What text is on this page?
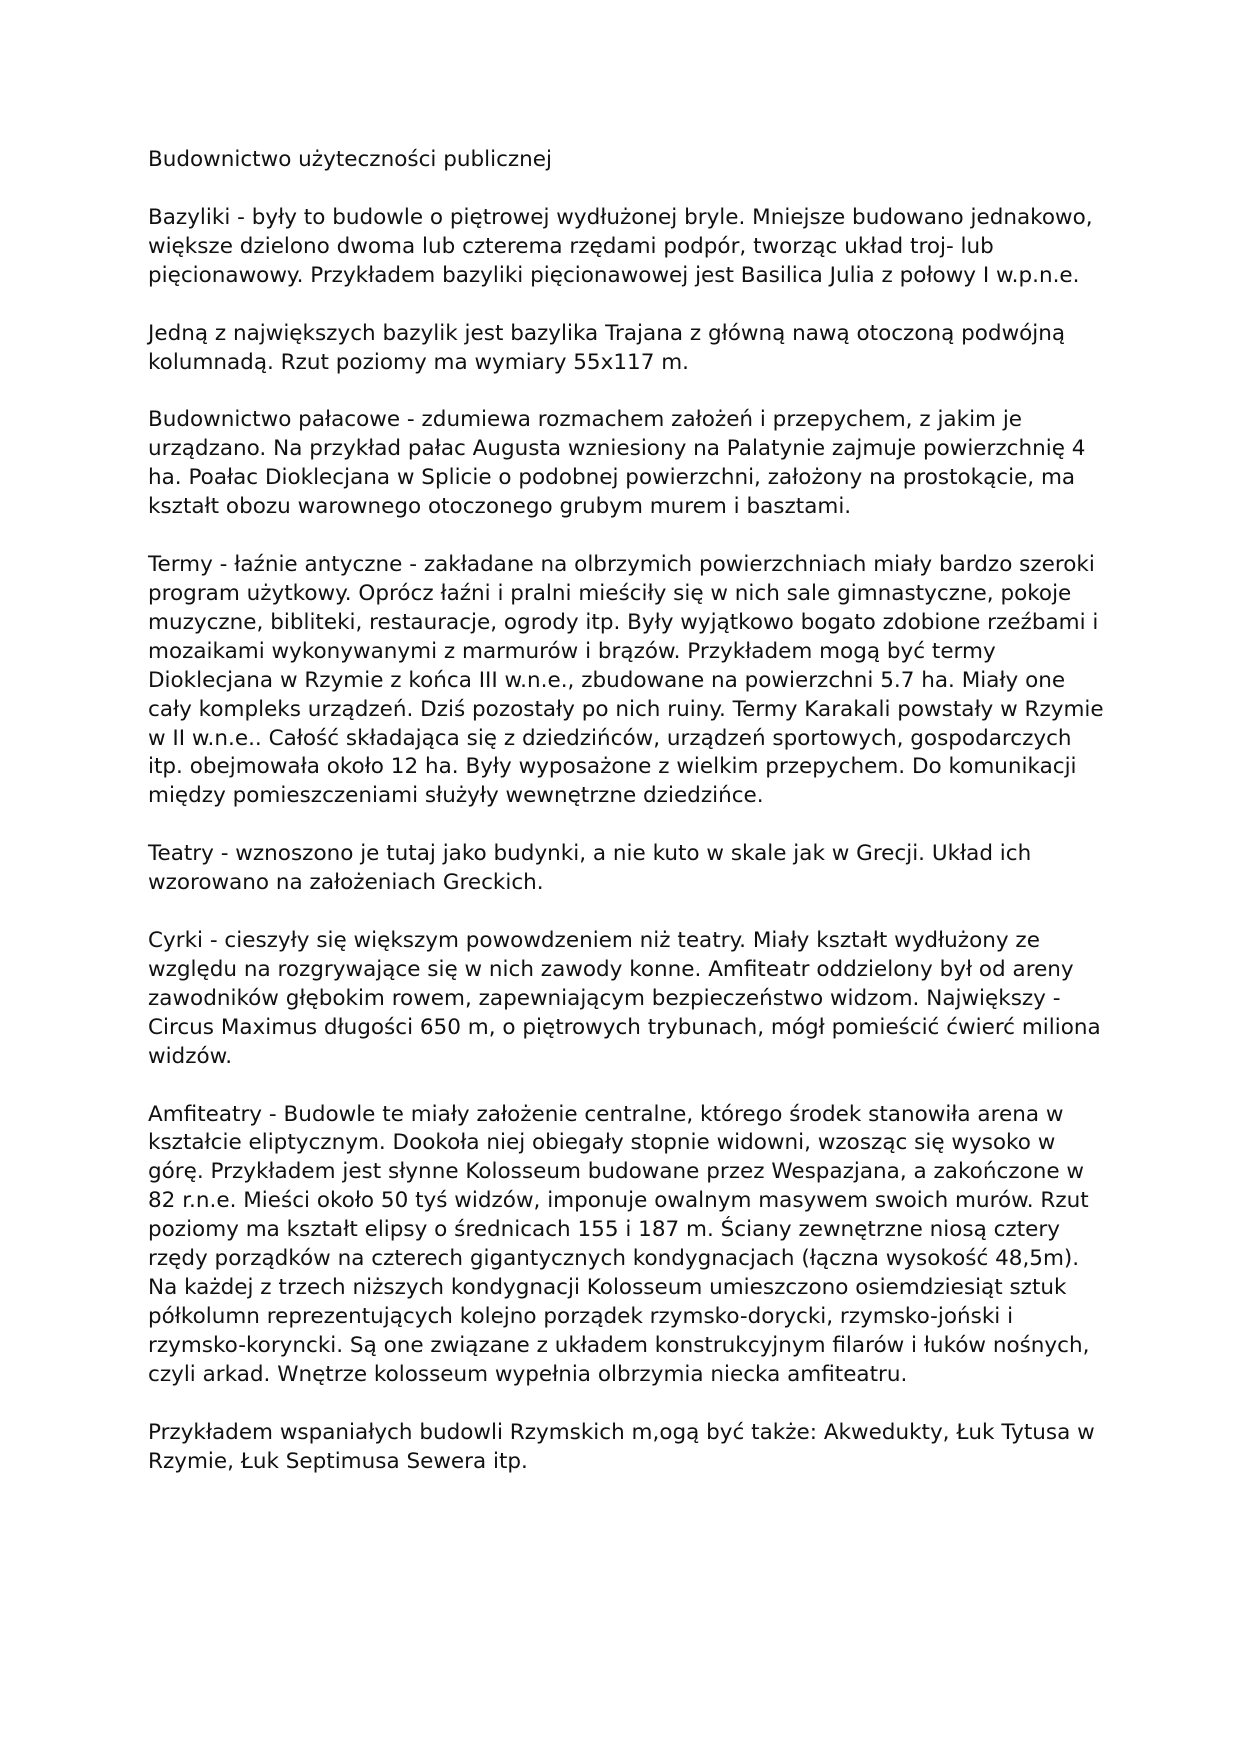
Budownictwo użyteczności publicznej

Bazyliki - były to budowle o piętrowej wydłużonej bryle. Mniejsze budowano jednakowo, większe dzielono dwoma lub czterema rzędami podpór, tworząc układ troj- lub pięcionawowy. Przykładem bazyliki pięcionawowej jest Basilica Julia z połowy I w.p.n.e.

Jedną z największych bazylik jest bazylika Trajana z główną nawą otoczoną podwójną kolumnadą. Rzut poziomy ma wymiary 55x117 m.

Budownictwo pałacowe - zdumiewa rozmachem założeń i przepychem, z jakim je urządzano. Na przykład pałac Augusta wzniesiony na Palatynie zajmuje powierzchnię 4 ha. Poałac Dioklecjana w Splicie o podobnej powierzchni, założony na prostokącie, ma kształt obozu warownego otoczonego grubym murem i basztami.

Termy - łaźnie antyczne - zakładane na olbrzymich powierzchniach miały bardzo szeroki program użytkowy. Oprócz łaźni i pralni mieściły się w nich sale gimnastyczne, pokoje muzyczne, bibliteki, restauracje, ogrody itp. Były wyjątkowo bogato zdobione rzeźbami i mozaikami wykonywanymi z marmurów i brązów. Przykładem mogą być termy Dioklecjana w Rzymie z końca III w.n.e., zbudowane na powierzchni 5.7 ha. Miały one cały kompleks urządzeń. Dziś pozostały po nich ruiny. Termy Karakali powstały w Rzymie w II w.n.e.. Całość składająca się z dziedzińców, urządzeń sportowych, gospodarczych itp. obejmowała około 12 ha. Były wyposażone z wielkim przepychem. Do komunikacji między pomieszczeniami służyły wewnętrzne dziedzińce.

Teatry - wznoszono je tutaj jako budynki, a nie kuto w skale jak w Grecji. Układ ich wzorowano na założeniach Greckich.

Cyrki - cieszyły się większym powowdzeniem niż teatry. Miały kształt wydłużony ze względu na rozgrywające się w nich zawody konne. Amfiteatr oddzielony był od areny zawodników głębokim rowem, zapewniającym bezpieczeństwo widzom. Największy - Circus Maximus długości 650 m, o piętrowych trybunach, mógł pomieścić ćwierć miliona widzów.

Amfiteatry - Budowle te miały założenie centralne, którego środek stanowiła arena w kształcie eliptycznym. Dookoła niej obiegały stopnie widowni, wzosząc się wysoko w górę. Przykładem jest słynne Kolosseum budowane przez Wespazjana, a zakończone w 82 r.n.e. Mieści około 50 tyś widzów, imponuje owalnym masywem swoich murów. Rzut poziomy ma kształt elipsy o średnicach 155 i 187 m. Ściany zewnętrzne niosą cztery rzędy porządków na czterech gigantycznych kondygnacjach (łączna wysokość 48,5m). Na każdej z trzech niższych kondygnacji Kolosseum umieszczono osiemdziesiąt sztuk półkolumn reprezentujących kolejno porządek rzymsko-dorycki, rzymsko-joński i rzymsko-koryncki. Są one związane z układem konstrukcyjnym filarów i łuków nośnych, czyli arkad. Wnętrze kolosseum wypełnia olbrzymia niecka amfiteatru.

Przykładem wspaniałych budowli Rzymskich m,ogą być także: Akwedukty, Łuk Tytusa w Rzymie, Łuk Septimusa Sewera itp.
